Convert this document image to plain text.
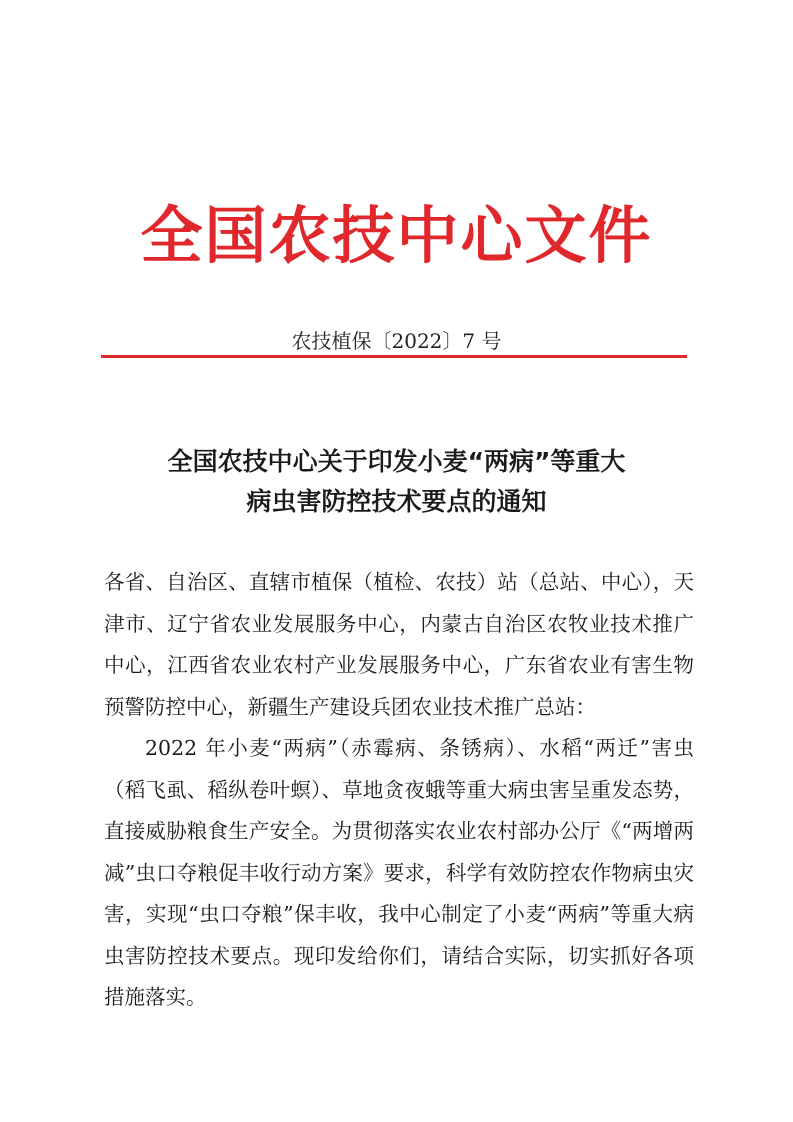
全国农技中心文件
农技植保〔2022〕7 号
全国农技中心关于印发小麦“两病”等重大
病虫害防控技术要点的通知

各省、自治区、直辖市植保（植检、农技）站（总站、中心），天津市、辽宁省农业发展服务中心，内蒙古自治区农牧业技术推广中心，江西省农业农村产业发展服务中心，广东省农业有害生物预警防控中心，新疆生产建设兵团农业技术推广总站：

2022 年小麦“两病”（赤霉病、条锈病）、水稻“两迁”害虫（稻飞虱、稻纵卷叶螟）、草地贪夜蛾等重大病虫害呈重发态势，直接威胁粮食生产安全。为贯彻落实农业农村部办公厅《“两增两减”虫口夺粮促丰收行动方案》要求，科学有效防控农作物病虫灾害，实现“虫口夺粮”保丰收，我中心制定了小麦“两病”等重大病虫害防控技术要点。现印发给你们，请结合实际，切实抓好各项措施落实。
